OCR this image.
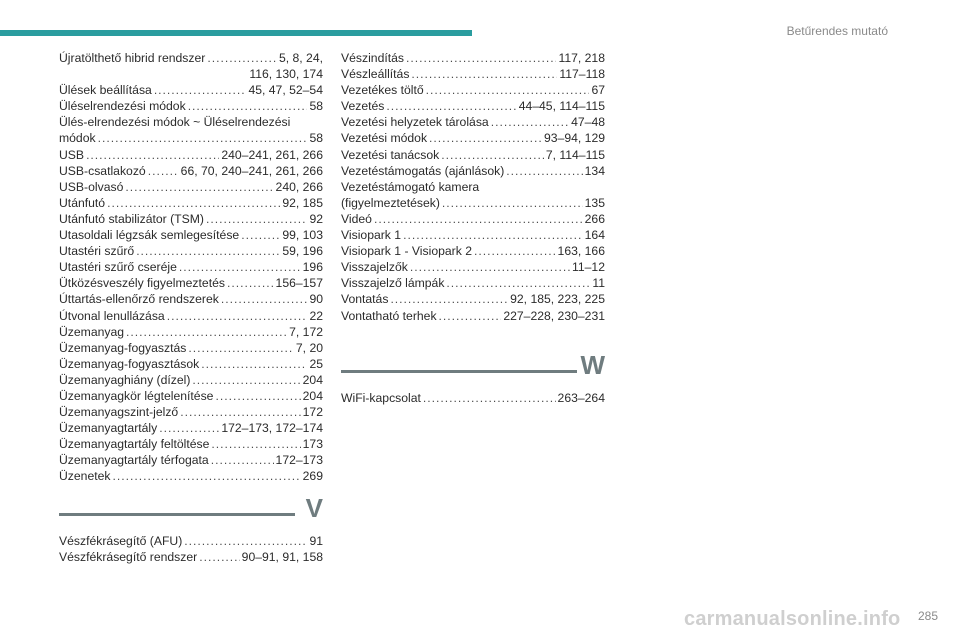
Betűrendes mutató
Újratölthető hibrid rendszer . . .	5, 8, 24,
116, 130, 174
Ülések beállítása . . .	45, 47, 52–54
Üléselrendezési módok . . .	58
Ülés-elrendezési módok ~ Üléselrendezési
módok . . .	58
USB . . .	240–241, 261, 266
USB-csatlakozó . . .	66, 70, 240–241, 261, 266
USB-olvasó . . .	240, 266
Utánfutó . . .	92, 185
Utánfutó stabilizátor (TSM) . . .	92
Utasoldali légzsák semlegesítése . . .	99, 103
Utastéri szűrő . . .	59, 196
Utastéri szűrő cseréje . . .	196
Ütközésveszély figyelmeztetés . . .	156–157
Úttartás-ellenőrző rendszerek . . .	90
Útvonal lenullázása . . .	22
Üzemanyag . . .	7, 172
Üzemanyag-fogyasztás . . .	7, 20
Üzemanyag-fogyasztások . . .	25
Üzemanyaghiány (dízel) . . .	204
Üzemanyagkör légtelenítése . . .	204
Üzemanyagszint-jelző . . .	172
Üzemanyagtartály . . .	172–173, 172–174
Üzemanyagtartály feltöltése . . .	173
Üzemanyagtartály térfogata . . .	172–173
Üzenetek . . .	269
V
Vészfékrásegítő (AFU) . . .	91
Vészfékrásegítő rendszer . . .	90–91, 91, 158
Vészindítás . . .	117, 218
Vészleállítás . . .	117–118
Vezetékes töltő . . .	67
Vezetés . . .	44–45, 114–115
Vezetési helyzetek tárolása . . .	47–48
Vezetési módok . . .	93–94, 129
Vezetési tanácsok . . .	7, 114–115
Vezetéstámogatás (ajánlások) . . .	134
Vezetéstámogató kamera
(figyelmeztetések) . . .	135
Videó . . .	266
Visiopark 1 . . .	164
Visiopark 1 - Visiopark 2 . . .	163, 166
Visszajelzők . . .	11–12
Visszajelző lámpák . . .	11
Vontatás . . .	92, 185, 223, 225
Vontatható terhek . . .	227–228, 230–231
W
WiFi-kapcsolat . . .	263–264
285
carmanualsonline.info
